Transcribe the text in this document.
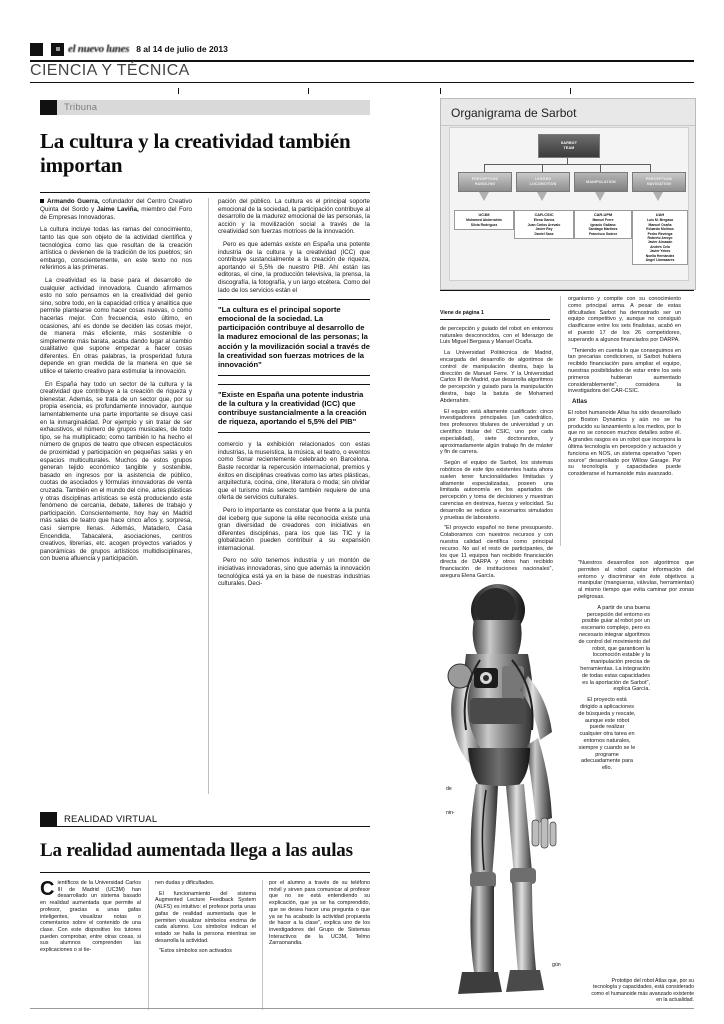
el nuevo lunes 8 al 14 de julio de 2013
CIENCIA Y TÉCNICA
Tribuna
La cultura y la creatividad también importan

Armando Guerra, cofundador del Centro Creativo Quinta del Sordo y Jaime Laviña, miembro del Foro de Empresas Innovadoras.

La cultura incluye todas las ramas del conocimiento, tanto las que son objeto de la actividad científica y tecnológica como las que resultan de la creación artística o devienen de la tradición de los pueblos; sin embargo, conscientemente, en este texto no nos referimos a las primeras.

La creatividad es la base para el desarrollo de cualquier actividad innovadora. Cuando afirmamos esto no solo pensamos en la creatividad del genio sino, sobre todo, en la capacidad crítica y analítica que permite plantearse como hacer cosas nuevas, o como hacerlas mejor. Con frecuencia, esto último, en ocasiones, ahí es donde se deciden las cosas mejor, de manera más eficiente, más sostenible o simplemente más barata, acaba dando lugar al cambio cualitativo que supone empezar a hacer cosas diferentes. En otras palabras, la prosperidad futura depende en gran medida de la manera en que se utilice el talento creativo para estimular la innovación.

En España hay todo un sector de la cultura y la creatividad que contribuye a la creación de riqueza y bienestar. Además, se trata de un sector que, por su propia esencia, es profundamente innovador, aunque lamentablemente una parte importante se disuye casi en la inmarginalidad. Por ejemplo y sin tratar de ser exhaustivos, el número de grupos musicales, de todo tipo, se ha multiplicado; como también lo ha hecho el número de grupos de teatro que ofrecen espectáculos de proximidad y participación en pequeñas salas y en espacios multiculturales. Muchos de estos grupos generan tejido económico tangible y sostenible, basado en ingresos por la asistencia de público, cuotas de asociados y fórmulas innovadoras de venta cruzada. También en el mundo del cine, artes plásticas y otras disciplinas artísticas se está produciendo este fenómeno de cercanía, debate, talleres de trabajo y participación. Conscientemente, hoy hay en Madrid más salas de teatro que hace cinco años y, sorpresa, casi siempre llenas. Además, Matadero, Casa Encendida, Tabacalera, asociaciones, centros creativos, librerías, etc. acogen proyectos variados y panorámicas de grupos artísticos multidisciplinares, con buena afluencia y participación.

pación del público. La cultura es el principal soporte emocional de la sociedad, la participación contribuye al desarrollo de la madurez emocional de las personas, la acción y la movilización social a través de la creatividad son fuerzas motrices de la innovación.

Pero es que además existe en España una potente industria de la cultura y la creatividad (ICC) que contribuye sustancialmente a la creación de riqueza, aportando el 5,5% de nuestro PIB. Ahí están las editoras, el cine, la producción televisiva, la prensa, la discografía, la fotografía, y un largo etcétera. Como del lado de los servicios están el

"La cultura es el principal soporte emocional de la sociedad. La participación contribuye al desarrollo de la madurez emocional de las personas; la acción y la movilización social a través de la creatividad son fuerzas motrices de la innovación"
"Existe en España una potente industria de la cultura y la creatividad (ICC) que contribuye sustancialmente a la creación de riqueza, aportando el 5,5% del PIB"

comercio y la exhibición relacionados con estas industrias, la museística, la música, el teatro, o eventos como Sonar recientemente celebrado en Barcelona. Baste recordar la repercusión internacional, premios y éxitos en disciplinas creativas como las artes plásticas, arquitectura, cocina, cine, literatura o moda; sin olvidar que el turismo más selecto también requiere de una oferta de servicios culturales.

Pero lo importante es constatar que frente a la punta del iceberg que supone la elite reconocida existe una gran diversidad de creadores con iniciativas en diferentes disciplinas, para los que las TIC y la globalización pueden contribuir a su expansión internacional.

Pero no sólo tenemos industria y un montón de iniciativas innovadoras, sino que además la innovación tecnológica está ya en la base de nuestras industrias culturales. Deci-

Organigrama de Sarbot
SARBOT
TEAM
PERCEPTION/
HANDLING
LEGGED
LOCOMOTION
MANIPULATION
PERCEPTION/
NAVIGATION
UC3M
Mohamed Abderrahim
Silvia Rodríguez
CAR-CSIC
Elena García
Juan Carlos Arevalo
Javier Rey
Daniel Sanz
CAR-UPM
Manuel Ferre
Ignacio Galiano
Santiago Martínez
Francisco Suárez
UAH
Luis M. Bergasa
Manuel Ocaña
Eduardo Molinos
Pedro Revenga
Roberto Arroyo
Javier Almazán
Andrés Cela
Javier Yebes
Noelia Hernández
Ángel Llamazares
Viene de página 1

de percepción y guiado del robot en entornos naturales desconocidos, con el liderazgo de Luis Miguel Bergasa y Manuel Ocaña.

La Universidad Politécnica de Madrid, encargada del desarrollo de algoritmos de control de manipulación diestra, bajo la dirección de Manuel Ferre. Y la Universidad Carlos III de Madrid, que desarrolla algoritmos de percepción y guiado para la manipulación diestra, bajo la batuta de Mohamed Abderrahim.

El equipo está altamente cualificado: cinco investigadores principales (un catedrático, tres profesores titulares de universidad y un científico titular del CSIC, uno por cada especialidad), siete doctorandos, y aproximadamente algún trabajo fin de máster y fin de carrera.

Según el equipo de Sarbot, los sistemas robóticos de este tipo existentes hasta ahora suelen tener funcionalidades limitadas y altamente especializadas, poseen una limitada autonomía en los apartados de percepción y toma de decisiones y muestran carencias en destreza, fuerza y velocidad. Su desarrollo se reduce a escenarios simulados y pruebas de laboratorio.

"El proyecto español no tiene presupuesto. Colaboramos con nuestros recursos y con nuestra calidad científica como principal recurso. No así el resto de participantes, de los que 11 equipos han recibido financiación directa de DARPA y otros han recibido financiación de instituciones nacionales", asegura Elena García.

organismo y compite con su conocimiento como principal arma. A pesar de estas dificultades Sarbot ha demostrado ser un equipo competitivo y, aunque no consiguió clasificarse entre los seis finalistas, acabó en el puesto 17 de los 26 competidores, superando a algunos financiados por DARPA.

"Teniendo en cuenta lo que conseguimos en tan precarias condiciones, si Sarbot hubiera recibido financiación para ampliar el equipo, nuestras posibilidades de estar entre los seis primeros hubieran aumentado considerablemente", considera la investigadora del CAR-CSIC.

Atlas

El robot humanoide Atlas ha sido desarrollado por Boston Dynamics y aún no se ha producido su lanzamiento a los medios, por lo que no se conocen muchos detalles sobre él. A grandes rasgos es un robot que incorpora la última tecnología en percepción y actuación y funciona en NOS, un sistema operativo "open source" desarrollado por Willow Garage. Por su tecnología y capacidades puede considerarse el humanoide más avanzado.

"Nuestros desarrollos son algoritmos que permiten al robot captar información del entorno y discriminar en éste objetivos a manipular (mangueras, válvulas, herramientas) al mismo tiempo que evita caminar por zonas peligrosas.

A partir de una buena percepción del entorno es posible guiar al robot por un escenario complejo, pero es necesario integrar algoritmos de control del movimiento del robot, que garanticen la locomoción estable y la manipulación precisa de herramientas. La integración de todas estas capacidades es la aportación de Sarbot", explica García.

El proyecto está dirigido a aplicaciones de búsqueda y rescate, aunque este robot puede realizar cualquier otra tarea en entornos naturales, siempre y cuando se le programe adecuadamente para ello.

de
nin-
gún
Prototipo del robot Atlas que, por su tecnología y capacidades, está considerado como el humanoide más avanzado existente en la actualidad.
REALIDAD VIRTUAL
La realidad aumentada llega a las aulas

Científicos de la Universidad Carlos III de Madrid (UC3M) han desarrollado un sistema basado en realidad aumentada que permite al profesor, gracias a unas gafas inteligentes, visualizar notas o comentarios sobre el contenido de una clase. Con este dispositivo los tutores pueden comprobar, entre otras cosas, si sus alumnos comprenden las explicaciones o si tie-

nen dudas y dificultades.

El funcionamiento del sistema Augmented Lecture Feedback System (ALFS) es intuitivo: el profesor porta unas gafas de realidad aumentada que le permiten visualizar símbolos encima de cada alumno. Los símbolos indican el estado se halla la persona mientras se desarrolla la actividad.

"Estos símbolos son activados

por el alumno a través de su teléfono móvil y sirven para comunicar al profesor que no se está entendiendo su explicación, que ya se ha comprendido, que se desea hacer una pregunta o que ya se ha acabado la actividad propuesta de hacer a la clase", explica uno de los investigadores del Grupo de Sistemas Interactivos de la UC3M, Telmo Zarraonandia.
